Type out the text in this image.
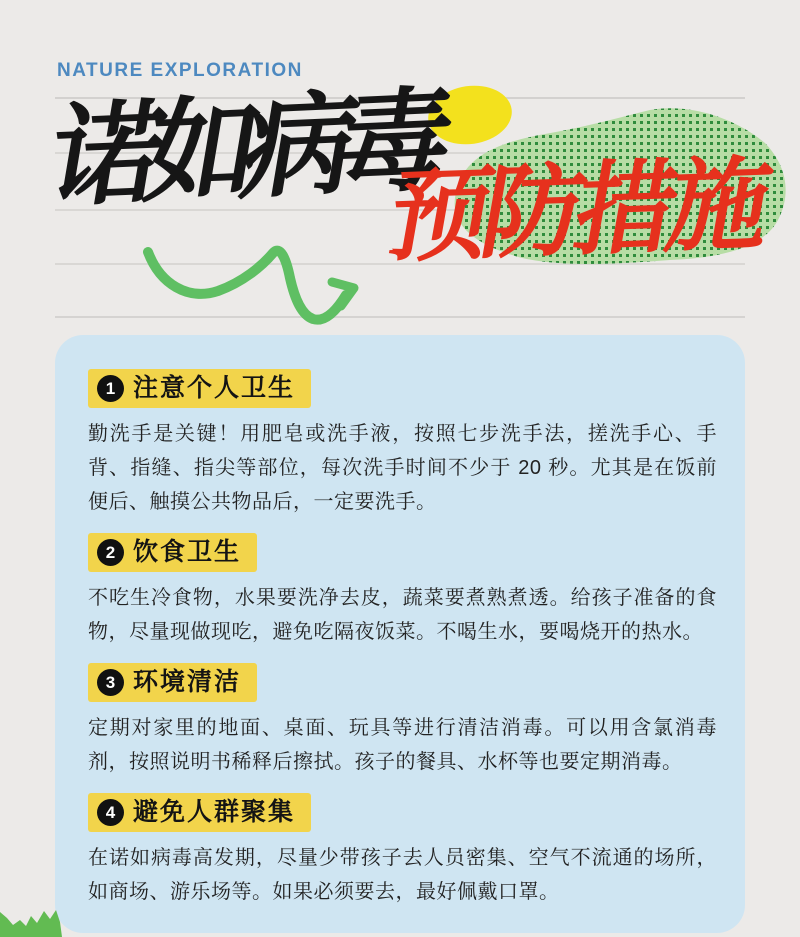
NATURE EXPLORATION
诺如病毒
预防措施
1 注意个人卫生
勤洗手是关键！用肥皂或洗手液，按照七步洗手法，搓洗手心、手背、指缝、指尖等部位，每次洗手时间不少于 20 秒。尤其是在饭前便后、触摸公共物品后，一定要洗手。
2 饮食卫生
不吃生冷食物，水果要洗净去皮，蔬菜要煮熟煮透。给孩子准备的食物，尽量现做现吃，避免吃隔夜饭菜。不喝生水，要喝烧开的热水。
3 环境清洁
定期对家里的地面、桌面、玩具等进行清洁消毒。可以用含氯消毒剂，按照说明书稀释后擦拭。孩子的餐具、水杯等也要定期消毒。
4 避免人群聚集
在诺如病毒高发期，尽量少带孩子去人员密集、空气不流通的场所，如商场、游乐场等。如果必须要去，最好佩戴口罩。
